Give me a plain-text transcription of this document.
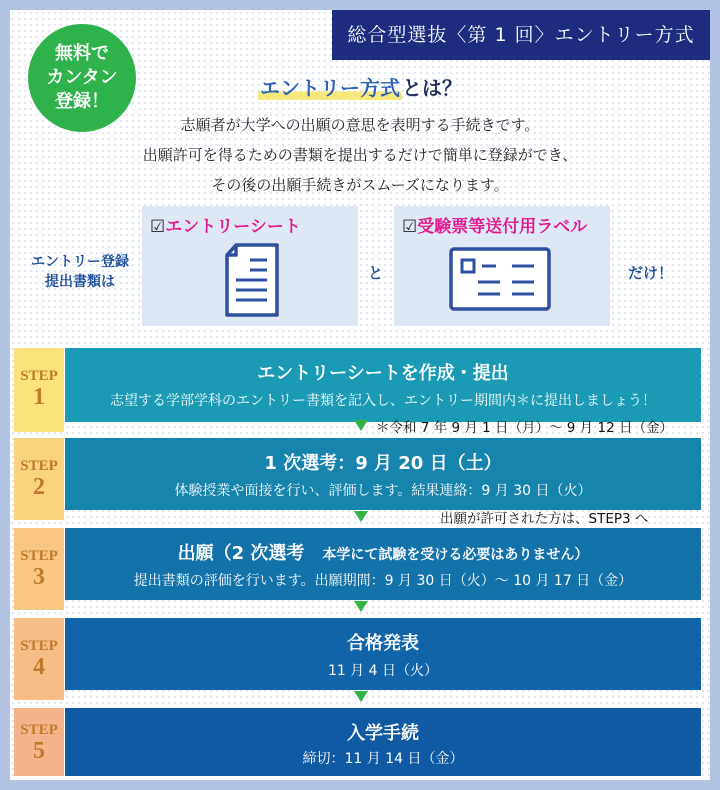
総合型選抜〈第 1 回〉エントリー方式
無料で
カンタン
登録！
エントリー方式 とは？
志願者が大学への出願の意思を表明する手続きです。
出願許可を得るための書類を提出するだけで簡単に登録ができ、
その後の出願手続きがスムーズになります。
エントリー登録
提出書類は
☑エントリーシート
と
☑受験票等送付用ラベル
だけ！
STEP
1
エントリーシートを作成・提出
志望する学部学科のエントリー書類を記入し、エントリー期間内＊に提出しましょう！
＊令和 7 年 9 月 1 日（月）～ 9 月 12 日（金）
STEP
2
1 次選考：9 月 20 日（土）
体験授業や面接を行い、評価します。結果連絡：9 月 30 日（火）
出願が許可された方は、STEP3 へ
STEP
3
出願（2 次選考　 本学にて試験を受ける必要はありません）
提出書類の評価を行います。出願期間：9 月 30 日（火）～ 10 月 17 日（金）
STEP
4
合格発表
11 月 4 日（火）
STEP
5
入学手続
締切：11 月 14 日（金）
